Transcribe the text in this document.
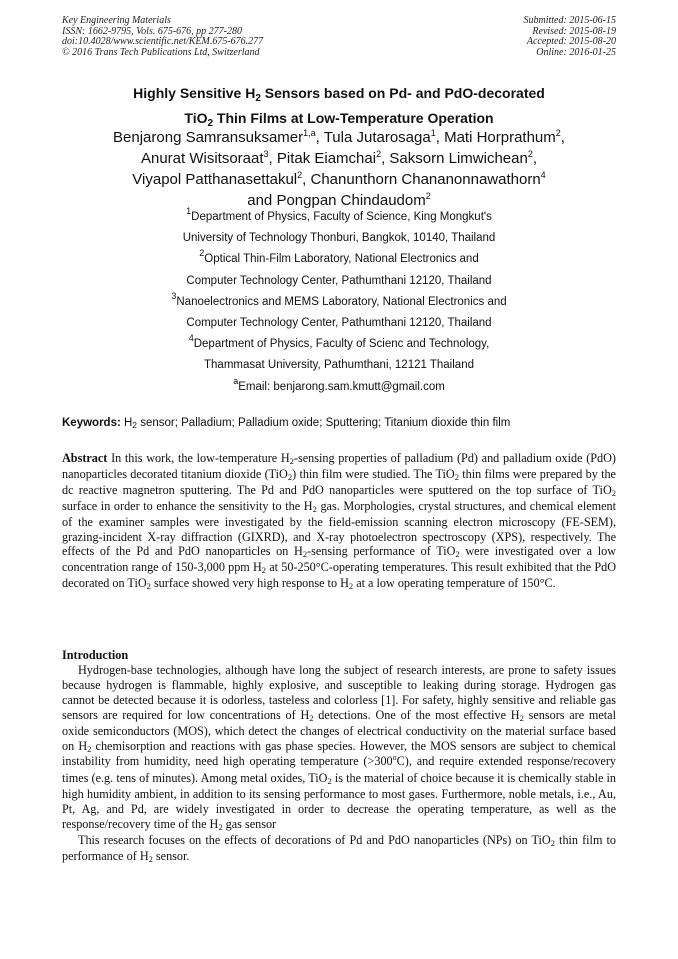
Key Engineering Materials
ISSN: 1662-9795, Vols. 675-676, pp 277-280
doi:10.4028/www.scientific.net/KEM.675-676.277
© 2016 Trans Tech Publications Ltd, Switzerland
Submitted: 2015-06-15
Revised: 2015-08-19
Accepted: 2015-08-20
Online: 2016-01-25
Highly Sensitive $H_2$ Sensors based on Pd- and PdO-decorated
TiO$_2$ Thin Films at Low-Temperature Operation
Benjarong Samransuksamer$^{1,a}$, Tula Jutarosaga$^1$, Mati Horprathum$^2$,
Anurat Wisitsoraat$^3$, Pitak Eiamchai$^2$, Saksorn Limwichean$^2$,
Viyapol Patthanasettakul$^2$, Chanunthorn Chananonnawathorn$^4$
and Pongpan Chindaudom$^2$
$^1$Department of Physics, Faculty of Science, King Mongkut's
University of Technology Thonburi, Bangkok, 10140, Thailand
$^2$Optical Thin-Film Laboratory, National Electronics and
Computer Technology Center, Pathumthani 12120, Thailand
$^3$Nanoelectronics and MEMS Laboratory, National Electronics and
Computer Technology Center, Pathumthani 12120, Thailand
$^4$Department of Physics, Faculty of Scienc and Technology,
Thammasat University, Pathumthani, 12121 Thailand
$^a$Email: benjarong.sam.kmutt@gmail.com
Keywords: $H_2$ sensor; Palladium; Palladium oxide; Sputtering; Titanium dioxide thin film

Abstract In this work, the low-temperature $H_2$-sensing properties of palladium (Pd) and palladium oxide (PdO) nanoparticles decorated titanium dioxide (TiO$_2$) thin film were studied. The TiO$_2$ thin films were prepared by the dc reactive magnetron sputtering. The Pd and PdO nanoparticles were sputtered on the top surface of TiO$_2$ surface in order to enhance the sensitivity to the $H_2$ gas. Morphologies, crystal structures, and chemical element of the examiner samples were investigated by the field-emission scanning electron microscopy (FE-SEM), grazing-incident X-ray diffraction (GIXRD), and X-ray photoelectron spectroscopy (XPS), respectively. The effects of the Pd and PdO nanoparticles on $H_2$-sensing performance of TiO$_2$ were investigated over a low concentration range of 150-3,000 ppm $H_2$ at 50-250°C-operating temperatures. This result exhibited that the PdO decorated on TiO$_2$ surface showed very high response to $H_2$ at a low operating temperature of 150°C.

Introduction

Hydrogen-base technologies, although have long the subject of research interests, are prone to safety issues because hydrogen is flammable, highly explosive, and susceptible to leaking during storage. Hydrogen gas cannot be detected because it is odorless, tasteless and colorless [1]. For safety, highly sensitive and reliable gas sensors are required for low concentrations of $H_2$ detections. One of the most effective $H_2$ sensors are metal oxide semiconductors (MOS), which detect the changes of electrical conductivity on the material surface based on $H_2$ chemisorption and reactions with gas phase species. However, the MOS sensors are subject to chemical instability from humidity, need high operating temperature $(>300^oC)$, and require extended response/recovery times (e.g. tens of minutes). Among metal oxides, TiO$_2$ is the material of choice because it is chemically stable in high humidity ambient, in addition to its sensing performance to most gases. Furthermore, noble metals, i.e., Au, Pt, Ag, and Pd, are widely investigated in order to decrease the operating temperature, as well as the response/recovery time of the $H_2$ gas sensor

This research focuses on the effects of decorations of Pd and PdO nanoparticles (NPs) on TiO$_2$ thin film to performance of $H_2$ sensor.
